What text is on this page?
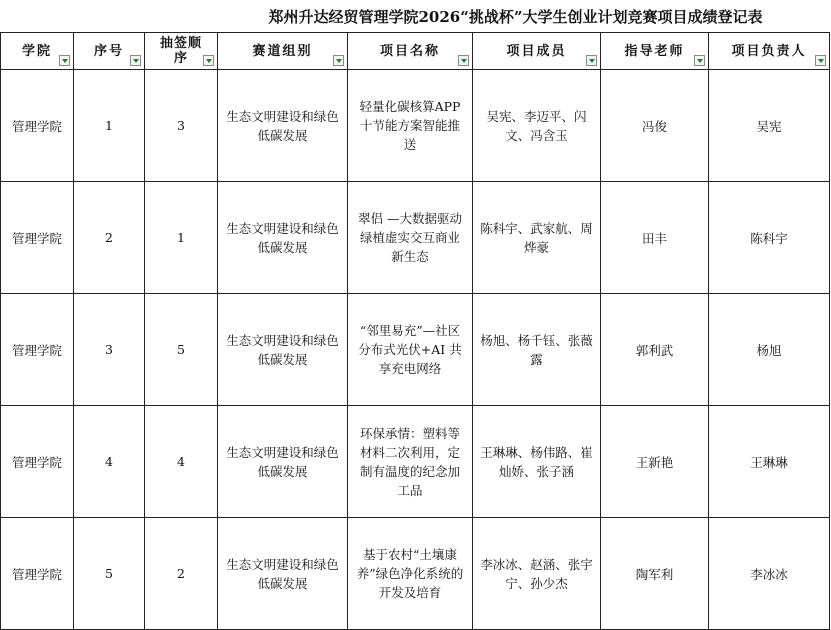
郑州升达经贸管理学院2026“挑战杯”大学生创业计划竞赛项目成绩登记表
学院	序号	抽签顺序	赛道组别	项目名称	项目成员	指导老师	项目负责人

管理学院	1	3	生态文明建设和绿色低碳发展	轻量化碳核算APP十节能方案智能推送	吴宪、李迈平、闪文、冯含玉	冯俊	吴宪
管理学院	2	1	生态文明建设和绿色低碳发展	翠侣 —大数据驱动绿植虚实交互商业新生态	陈科宇、武家航、周烨豪	田丰	陈科宇
管理学院	3	5	生态文明建设和绿色低碳发展	“邻里易充”—社区分布式光伏+AI 共享充电网络	杨旭、杨千钰、张薇露	郭利武	杨旭
管理学院	4	4	生态文明建设和绿色低碳发展	环保承情：塑料等材料二次利用，定制有温度的纪念加工品	王琳琳、杨伟路、崔灿娇、张子涵	王新艳	王琳琳
管理学院	5	2	生态文明建设和绿色低碳发展	基于农村“土壤康养”绿色净化系统的开发及培育	李冰冰、赵涵、张宇宁、孙少杰	陶军利	李冰冰
